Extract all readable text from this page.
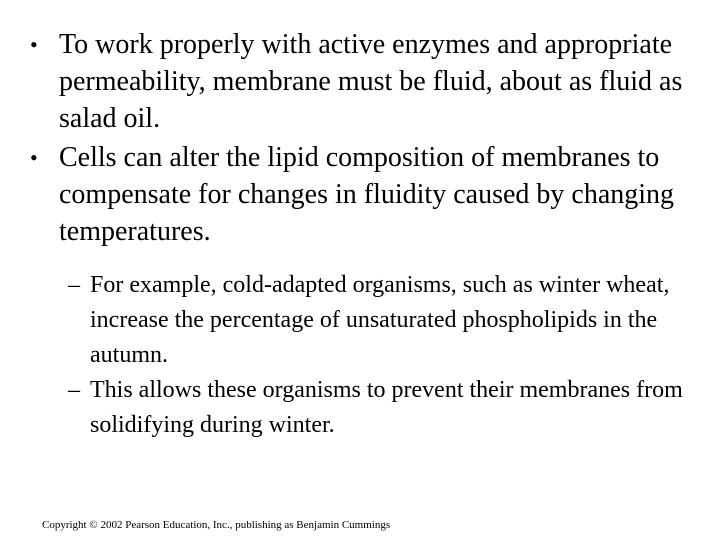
• To work properly with active enzymes and appropriate permeability, membrane must be fluid, about as fluid as salad oil.
• Cells can alter the lipid composition of membranes to compensate for changes in fluidity caused by changing temperatures.
– For example, cold-adapted organisms, such as winter wheat, increase the percentage of unsaturated phospholipids in the autumn.
– This allows these organisms to prevent their membranes from solidifying during winter.
Copyright © 2002 Pearson Education, Inc., publishing as Benjamin Cummings
